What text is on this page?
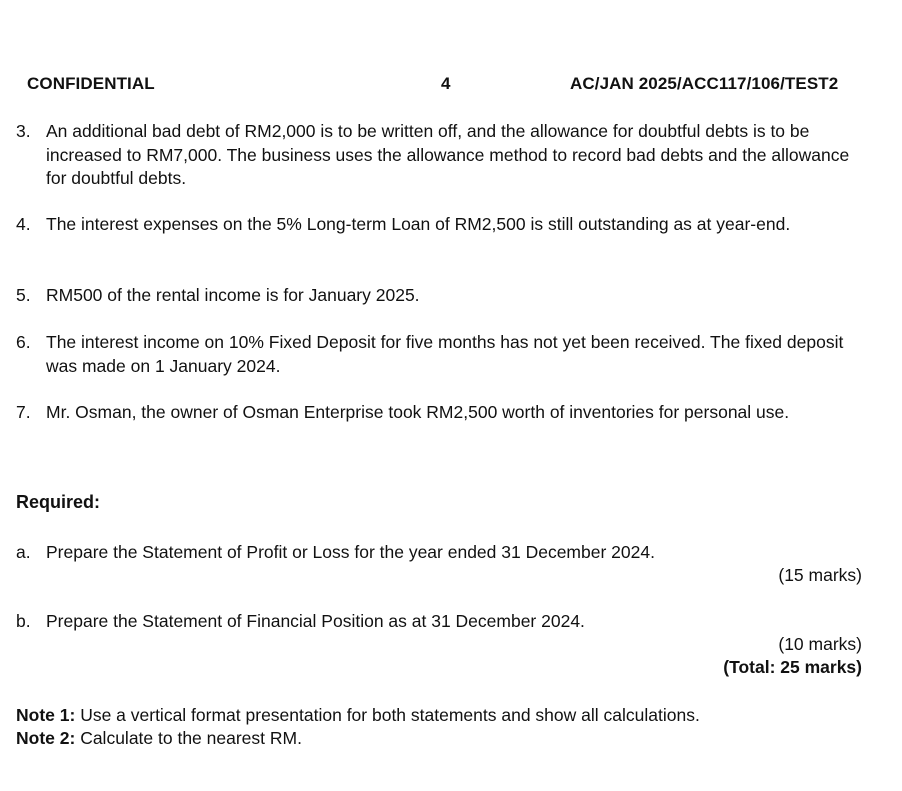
CONFIDENTIAL	4	AC/JAN 2025/ACC117/106/TEST2
3. An additional bad debt of RM2,000 is to be written off, and the allowance for doubtful debts is to be increased to RM7,000. The business uses the allowance method to record bad debts and the allowance for doubtful debts.
4. The interest expenses on the 5% Long-term Loan of RM2,500 is still outstanding as at year-end.
5. RM500 of the rental income is for January 2025.
6. The interest income on 10% Fixed Deposit for five months has not yet been received. The fixed deposit was made on 1 January 2024.
7. Mr. Osman, the owner of Osman Enterprise took RM2,500 worth of inventories for personal use.
Required:
a. Prepare the Statement of Profit or Loss for the year ended 31 December 2024.
(15 marks)
b. Prepare the Statement of Financial Position as at 31 December 2024.
(10 marks)
(Total: 25 marks)
Note 1: Use a vertical format presentation for both statements and show all calculations.
Note 2: Calculate to the nearest RM.
